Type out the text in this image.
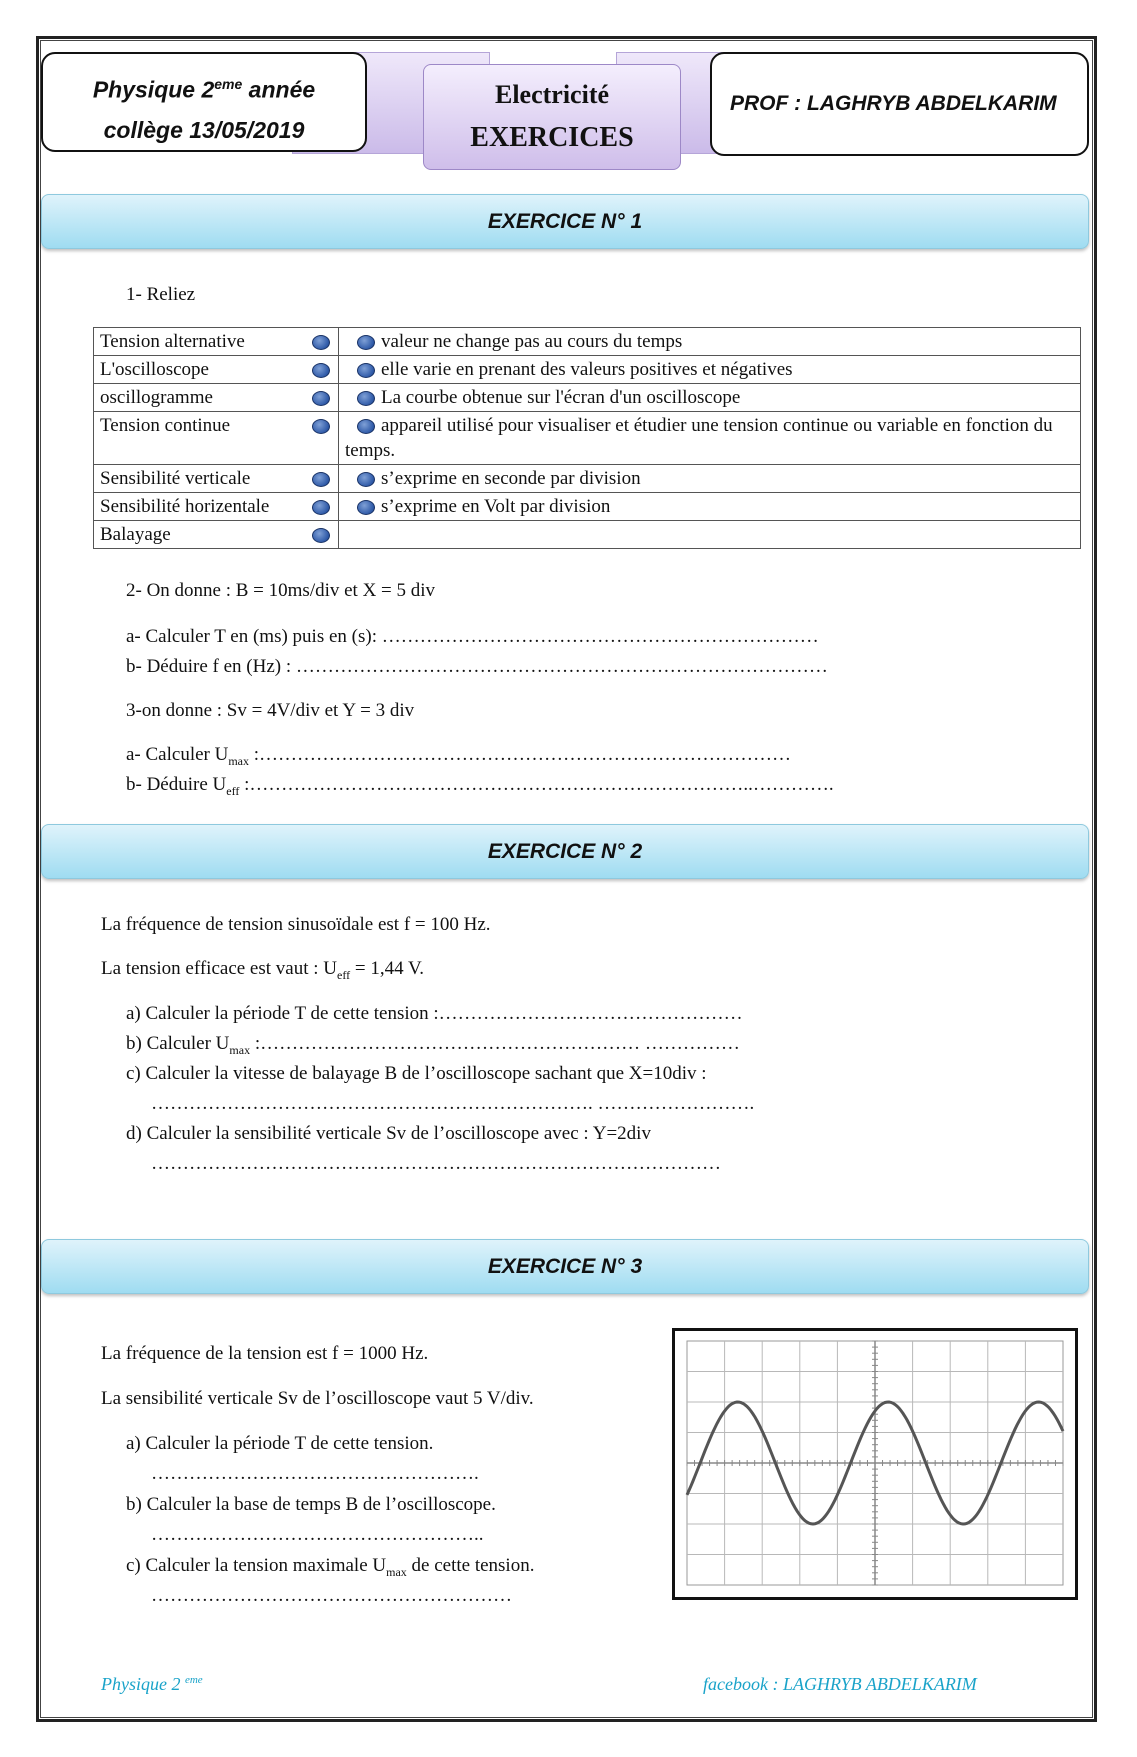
Physique 2eme année
collège 13/05/2019
Electricité
EXERCICES
PROF : LAGHRYB ABDELKARIM
EXERCICE N° 1
1- Reliez
Tension alternative	valeur ne change pas au cours du temps
L'oscilloscope	elle varie en prenant des valeurs positives et négatives
oscillogramme	La courbe obtenue sur l'écran d'un oscilloscope
Tension continue	appareil utilisé pour visualiser et étudier une tension continue ou variable en fonction du temps.
Sensibilité verticale	s’exprime en seconde par division
Sensibilité horizentale	s’exprime en Volt par division
Balayage

2- On donne : B = 10ms/div et X = 5 div
a- Calculer T en (ms) puis en (s): ……………………………………………………………
b- Déduire f en (Hz) : …………………………………………………………………………
3-on donne : Sv = 4V/div et Y = 3 div
a- Calculer $U_{max}$ :…………………………………………………………………………
b- Déduire $U_{eff}$ :……………………………………………………………………..………….
EXERCICE N° 2
La fréquence de tension sinusoïdale est f = 100 Hz.
La tension efficace est vaut : $U_{eff} = 1,44$ V.
a) Calculer la période T de cette tension :…………………………………………
b) Calculer $U_{max}$ :…………………………………………………… ……………
c) Calculer la vitesse de balayage B de l’oscilloscope sachant que X=10div :
……………………………………………………………. …………………….
d) Calculer la sensibilité verticale Sv de l’oscilloscope avec : Y=2div
………………………………………………………………………………
EXERCICE N° 3
La fréquence de la tension est f = 1000 Hz.
La sensibilité verticale Sv de l’oscilloscope vaut 5 V/div.
a) Calculer la période T de cette tension.
…………………………………………….
b) Calculer la base de temps B de l’oscilloscope.
……………………………………………..
c) Calculer la tension maximale $U_{max}$ de cette tension.
…………………………………………………
Physique 2 $^{eme}$	facebook : LAGHRYB ABDELKARIM
